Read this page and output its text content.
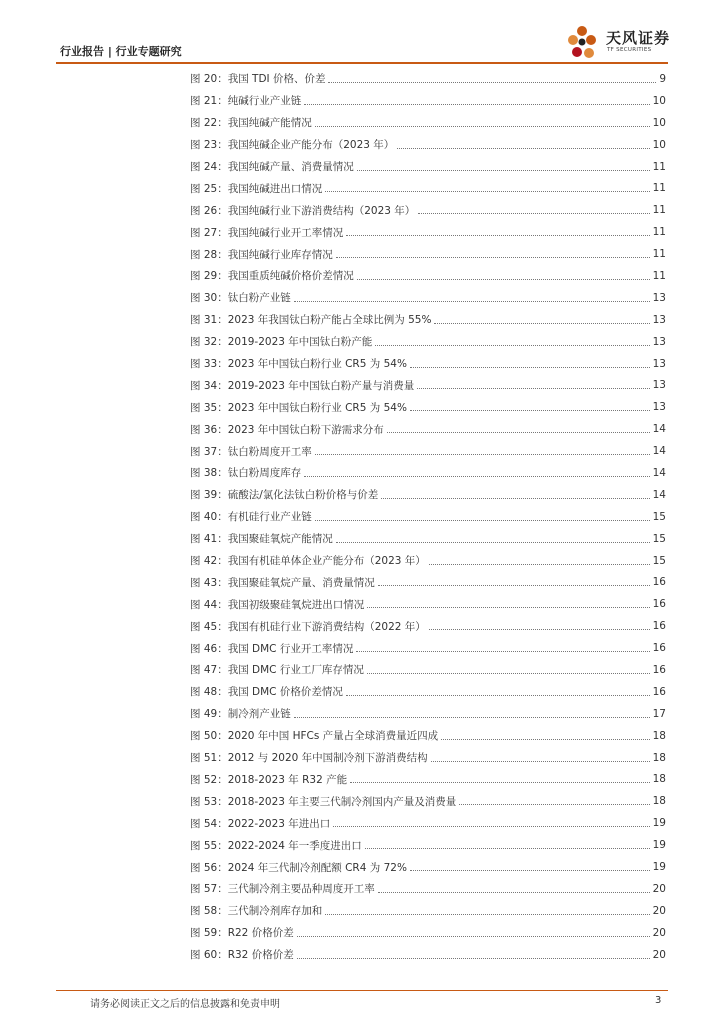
行业报告 | 行业专题研究
天风证券
TF SECURITIES
图 20： 我国 TDI 价格、价差	9
图 21： 纯碱行业产业链	10
图 22： 我国纯碱产能情况	10
图 23： 我国纯碱企业产能分布（2023 年）	10
图 24： 我国纯碱产量、消费量情况	11
图 25： 我国纯碱进出口情况	11
图 26： 我国纯碱行业下游消费结构（2023 年）	11
图 27： 我国纯碱行业开工率情况	11
图 28： 我国纯碱行业库存情况	11
图 29： 我国重质纯碱价格价差情况	11
图 30： 钛白粉产业链	13
图 31： 2023 年我国钛白粉产能占全球比例为 55%	13
图 32： 2019-2023 年中国钛白粉产能	13
图 33： 2023 年中国钛白粉行业 CR5 为 54%	13
图 34： 2019-2023 年中国钛白粉产量与消费量	13
图 35： 2023 年中国钛白粉行业 CR5 为 54%	13
图 36： 2023 年中国钛白粉下游需求分布	14
图 37： 钛白粉周度开工率	14
图 38： 钛白粉周度库存	14
图 39： 硫酸法/氯化法钛白粉价格与价差	14
图 40： 有机硅行业产业链	15
图 41： 我国聚硅氧烷产能情况	15
图 42： 我国有机硅单体企业产能分布（2023 年）	15
图 43： 我国聚硅氧烷产量、消费量情况	16
图 44： 我国初级聚硅氧烷进出口情况	16
图 45： 我国有机硅行业下游消费结构（2022 年）	16
图 46： 我国 DMC 行业开工率情况	16
图 47： 我国 DMC 行业工厂库存情况	16
图 48： 我国 DMC 价格价差情况	16
图 49： 制冷剂产业链	17
图 50： 2020 年中国 HFCs 产量占全球消费量近四成	18
图 51： 2012 与 2020 年中国制冷剂下游消费结构	18
图 52： 2018-2023 年 R32 产能	18
图 53： 2018-2023 年主要三代制冷剂国内产量及消费量	18
图 54： 2022-2023 年进出口	19
图 55： 2022-2024 年一季度进出口	19
图 56： 2024 年三代制冷剂配额 CR4 为 72%	19
图 57： 三代制冷剂主要品种周度开工率	20
图 58： 三代制冷剂库存加和	20
图 59： R22 价格价差	20
图 60： R32 价格价差	20
请务必阅读正文之后的信息披露和免责申明	3
